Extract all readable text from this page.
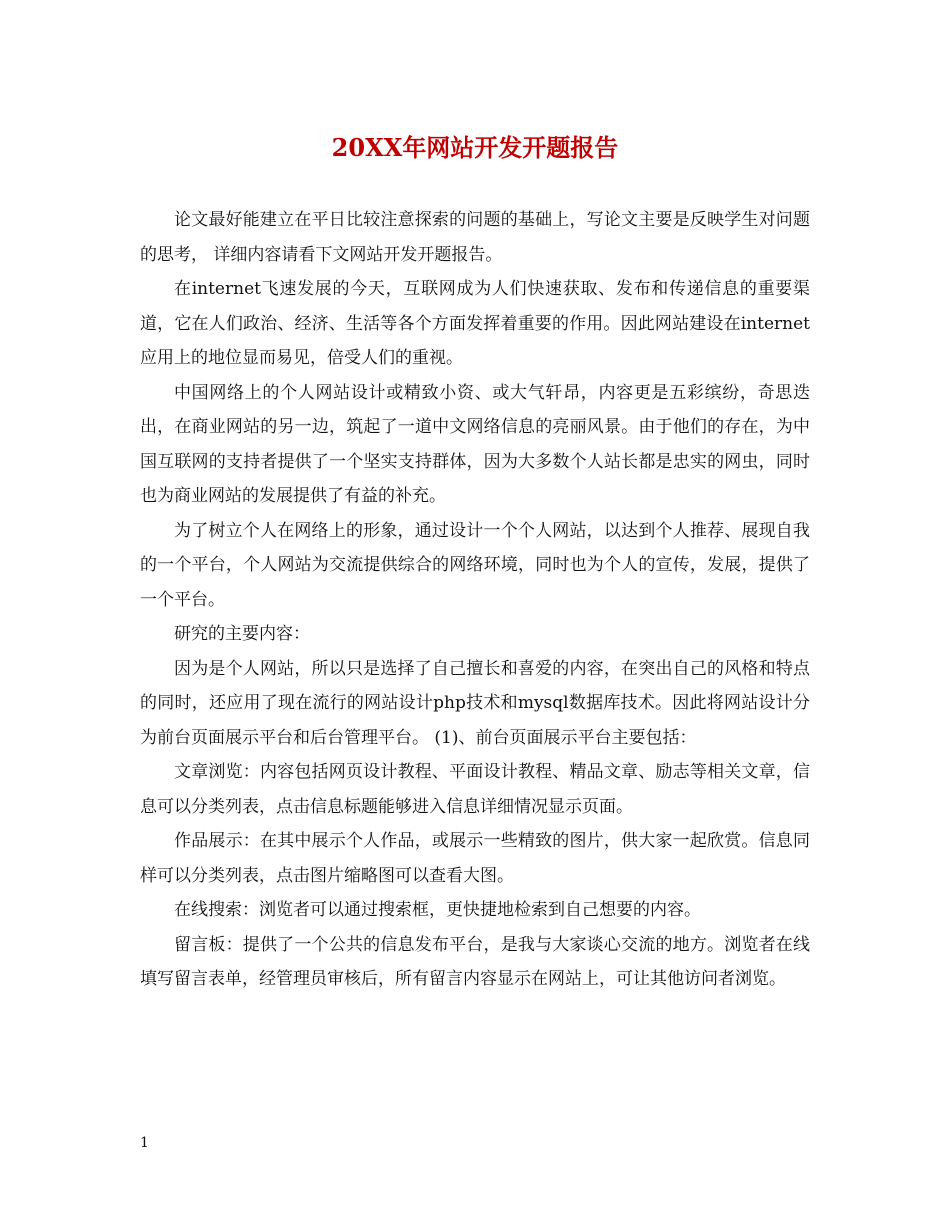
20XX年网站开发开题报告

论文最好能建立在平日比较注意探索的问题的基础上，写论文主要是反映学生对问题的思考， 详细内容请看下文网站开发开题报告。

在internet飞速发展的今天，互联网成为人们快速获取、发布和传递信息的重要渠道，它在人们政治、经济、生活等各个方面发挥着重要的作用。因此网站建设在internet应用上的地位显而易见，倍受人们的重视。

中国网络上的个人网站设计或精致小资、或大气轩昂，内容更是五彩缤纷，奇思迭出，在商业网站的另一边，筑起了一道中文网络信息的亮丽风景。由于他们的存在，为中国互联网的支持者提供了一个坚实支持群体，因为大多数个人站长都是忠实的网虫，同时也为商业网站的发展提供了有益的补充。

为了树立个人在网络上的形象，通过设计一个个人网站，以达到个人推荐、展现自我的一个平台，个人网站为交流提供综合的网络环境，同时也为个人的宣传，发展，提供了一个平台。

研究的主要内容：

因为是个人网站，所以只是选择了自己擅长和喜爱的内容，在突出自己的风格和特点的同时，还应用了现在流行的网站设计php技术和mysql数据库技术。因此将网站设计分为前台页面展示平台和后台管理平台。 (1)、前台页面展示平台主要包括：

文章浏览：内容包括网页设计教程、平面设计教程、精品文章、励志等相关文章，信息可以分类列表，点击信息标题能够进入信息详细情况显示页面。

作品展示：在其中展示个人作品，或展示一些精致的图片，供大家一起欣赏。信息同样可以分类列表，点击图片缩略图可以查看大图。

在线搜索：浏览者可以通过搜索框，更快捷地检索到自己想要的内容。

留言板：提供了一个公共的信息发布平台，是我与大家谈心交流的地方。浏览者在线填写留言表单，经管理员审核后，所有留言内容显示在网站上，可让其他访问者浏览。

1
